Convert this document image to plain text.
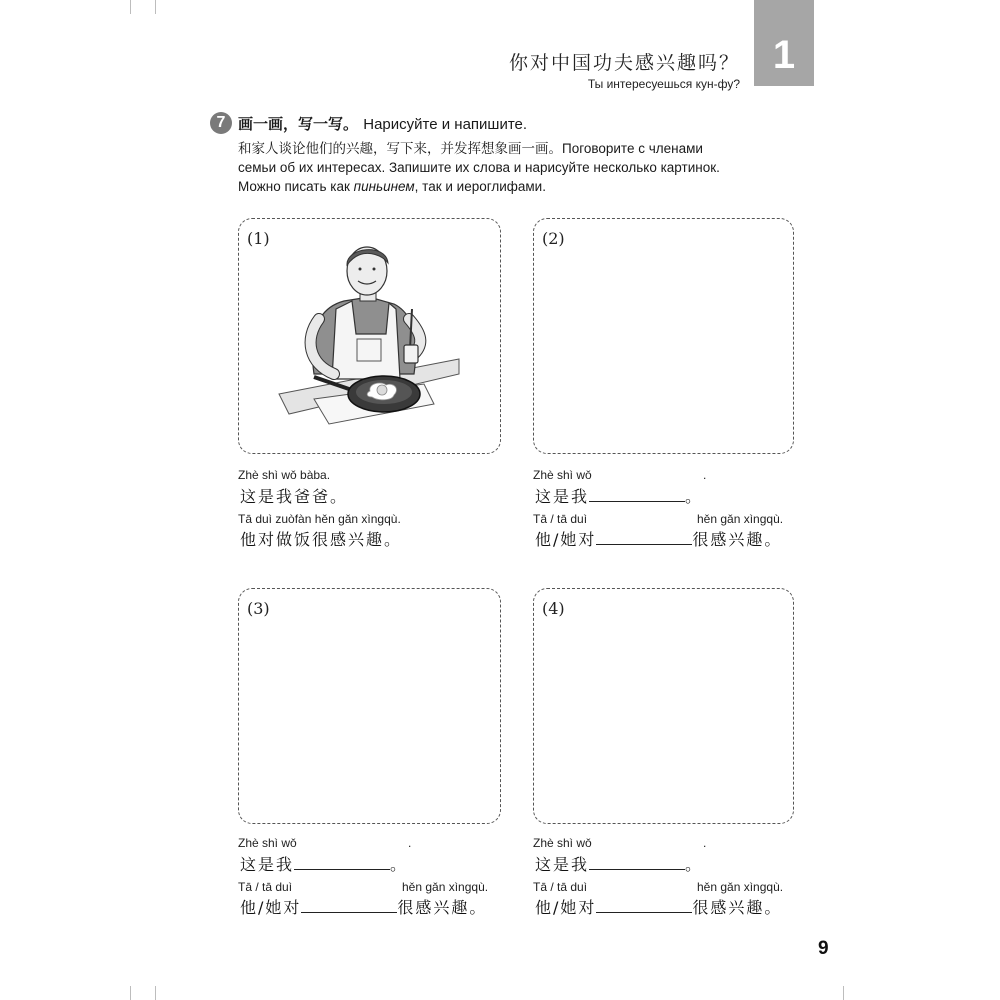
你对中国功夫感兴趣吗？
Ты интересуешься кун-фу?
1
7 画一画，写一写。 Нарисуйте и напишите.

和家人谈论他们的兴趣，写下来，并发挥想象画一画。Поговорите с членами

семьи об их интересах. Запишите их слова и нарисуйте несколько картинок.

Можно писать как пиньинем, так и иероглифами.

(1)
Zhè shì wǒ bàba.
这是我爸爸。
Tā duì zuòfàn hěn gǎn xìngqù.
他对做饭很感兴趣。
(2)
Zhè shì wǒ	.
这是我	。
Tā / tā duì	hěn gǎn xìngqù.
他/她对	很感兴趣。
(3)
Zhè shì wǒ	.
这是我	。
Tā / tā duì	hěn gǎn xìngqù.
他/她对	很感兴趣。
(4)
Zhè shì wǒ	.
这是我	。
Tā / tā duì	hěn gǎn xìngqù.
他/她对	很感兴趣。
9
